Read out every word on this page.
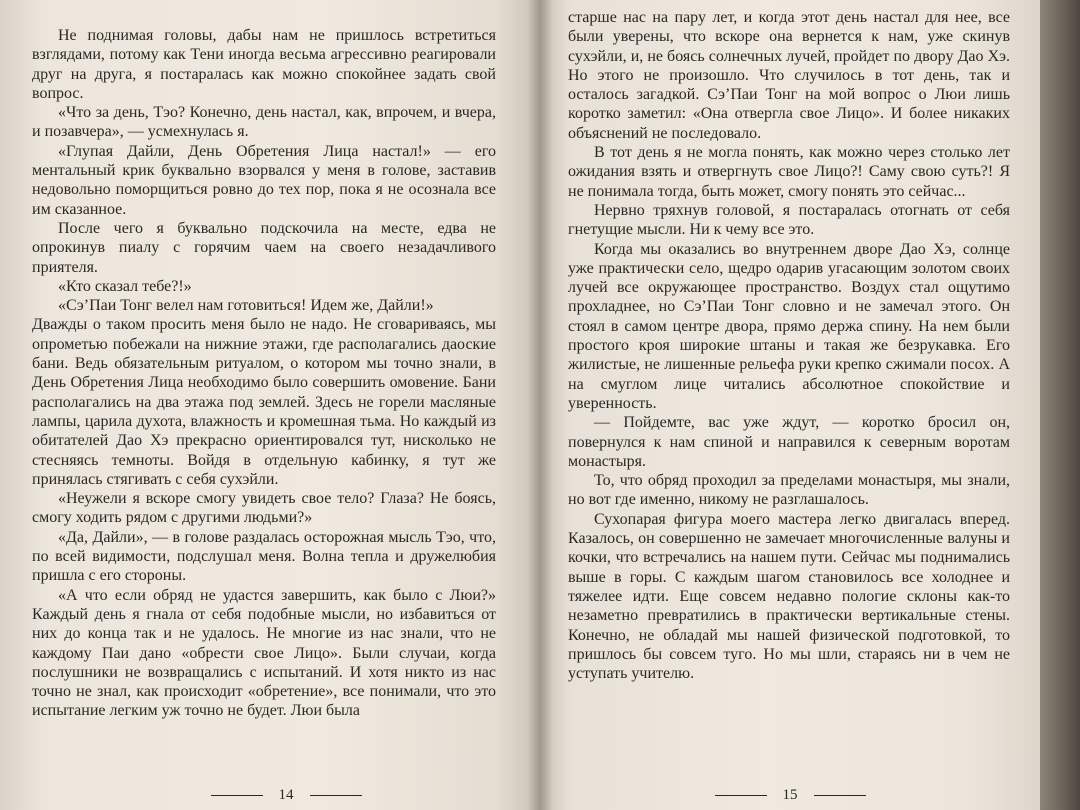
Не поднимая головы, дабы нам не пришлось встретиться взглядами, потому как Тени иногда весьма агрессивно реагировали друг на друга, я постаралась как можно спокойнее задать свой вопрос.

«Что за день, Тэо? Конечно, день настал, как, впрочем, и вчера, и позавчера», — усмехнулась я.

«Глупая Дайли, День Обретения Лица настал!» — его ментальный крик буквально взорвался у меня в голове, заставив недовольно поморщиться ровно до тех пор, пока я не осознала все им сказанное.

После чего я буквально подскочила на месте, едва не опрокинув пиалу с горячим чаем на своего незадачливого приятеля.

«Кто сказал тебе?!»

«Сэ’Паи Тонг велел нам готовиться! Идем же, Дайли!»

Дважды о таком просить меня было не надо. Не сговариваясь, мы опрометью побежали на нижние этажи, где располагались даоские бани. Ведь обязательным ритуалом, о котором мы точно знали, в День Обретения Лица необходимо было совершить омовение. Бани располагались на два этажа под землей. Здесь не горели масляные лампы, царила духота, влажность и кромешная тьма. Но каждый из обитателей Дао Хэ прекрасно ориентировался тут, нисколько не стесняясь темноты. Войдя в отдельную кабинку, я тут же принялась стягивать с себя сухэйли.

«Неужели я вскоре смогу увидеть свое тело? Глаза? Не боясь, смогу ходить рядом с другими людьми?»

«Да, Дайли», — в голове раздалась осторожная мысль Тэо, что, по всей видимости, подслушал меня. Волна тепла и дружелюбия пришла с его стороны.

«А что если обряд не удастся завершить, как было с Люи?» Каждый день я гнала от себя подобные мысли, но избавиться от них до конца так и не удалось. Не многие из нас знали, что не каждому Паи дано «обрести свое Лицо». Были случаи, когда послушники не возвращались с испытаний. И хотя никто из нас точно не знал, как происходит «обретение», все понимали, что это испытание легким уж точно не будет. Люи была

14

старше нас на пару лет, и когда этот день настал для нее, все были уверены, что вскоре она вернется к нам, уже скинув сухэйли, и, не боясь солнечных лучей, пройдет по двору Дао Хэ. Но этого не произошло. Что случилось в тот день, так и осталось загадкой. Сэ’Паи Тонг на мой вопрос о Люи лишь коротко заметил: «Она отвергла свое Лицо». И более никаких объяснений не последовало.

В тот день я не могла понять, как можно через столько лет ожидания взять и отвергнуть свое Лицо?! Саму свою суть?! Я не понимала тогда, быть может, смогу понять это сейчас...

Нервно тряхнув головой, я постаралась отогнать от себя гнетущие мысли. Ни к чему все это.

Когда мы оказались во внутреннем дворе Дао Хэ, солнце уже практически село, щедро одарив угасающим золотом своих лучей все окружающее пространство. Воздух стал ощутимо прохладнее, но Сэ’Паи Тонг словно и не замечал этого. Он стоял в самом центре двора, прямо держа спину. На нем были простого кроя широкие штаны и такая же безрукавка. Его жилистые, не лишенные рельефа руки крепко сжимали посох. А на смуглом лице читались абсолютное спокойствие и уверенность.

— Пойдемте, вас уже ждут, — коротко бросил он, повернулся к нам спиной и направился к северным воротам монастыря.

То, что обряд проходил за пределами монастыря, мы знали, но вот где именно, никому не разглашалось.

Сухопарая фигура моего мастера легко двигалась вперед. Казалось, он совершенно не замечает многочисленные валуны и кочки, что встречались на нашем пути. Сейчас мы поднимались выше в горы. С каждым шагом становилось все холоднее и тяжелее идти. Еще совсем недавно пологие склоны как-то незаметно превратились в практически вертикальные стены. Конечно, не обладай мы нашей физической подготовкой, то пришлось бы совсем туго. Но мы шли, стараясь ни в чем не уступать учителю.

15
